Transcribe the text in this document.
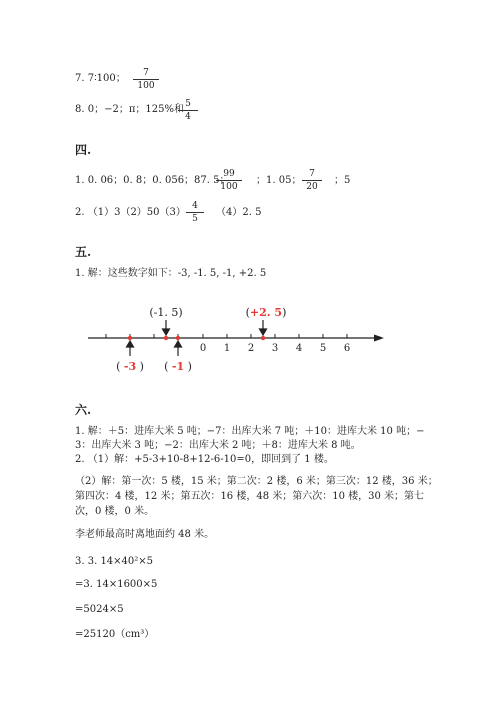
7. 7∶100； $\frac{7}{100}$
8. 0；−2；π；125%和
$\frac{5}{4}$
四.
1. 0. 06；0. 8；0. 056；87. 5；
$\frac{99}{100}$ ；1. 05； $\frac{7}{20}$ ；5
2. $(1)3(2)50(3) \frac{4}{5} (4)2$. 5
五.
1. 解：这些数字如下：-3, -1. 5, -1, +2. 5
0 1 2 3 4 5 6
(-1. 5)	(+2. 5)
( -3 ) ( -1 )
六.
1. 解：＋5：进库大米 5 吨；−7：出库大米 7 吨；＋10：进库大米 10 吨；−
3：出库大米 3 吨；−2：出库大米 2 吨；＋8：进库大米 8 吨。
2. （1）解：+5-3+10-8+12-6-10=0，即回到了 1 楼。
（2）解：第一次：5 楼，15 米；第二次：2 楼，6 米；第三次：12 楼，36 米；
第四次：4 楼，12 米；第五次：16 楼，48 米；第六次：10 楼，30 米；第七
次，0 楼，0 米。
李老师最高时离地面约 48 米。
3. 3. 14×40²×5
=3. 14×1600×5
=5024×5
=25120（cm³）
